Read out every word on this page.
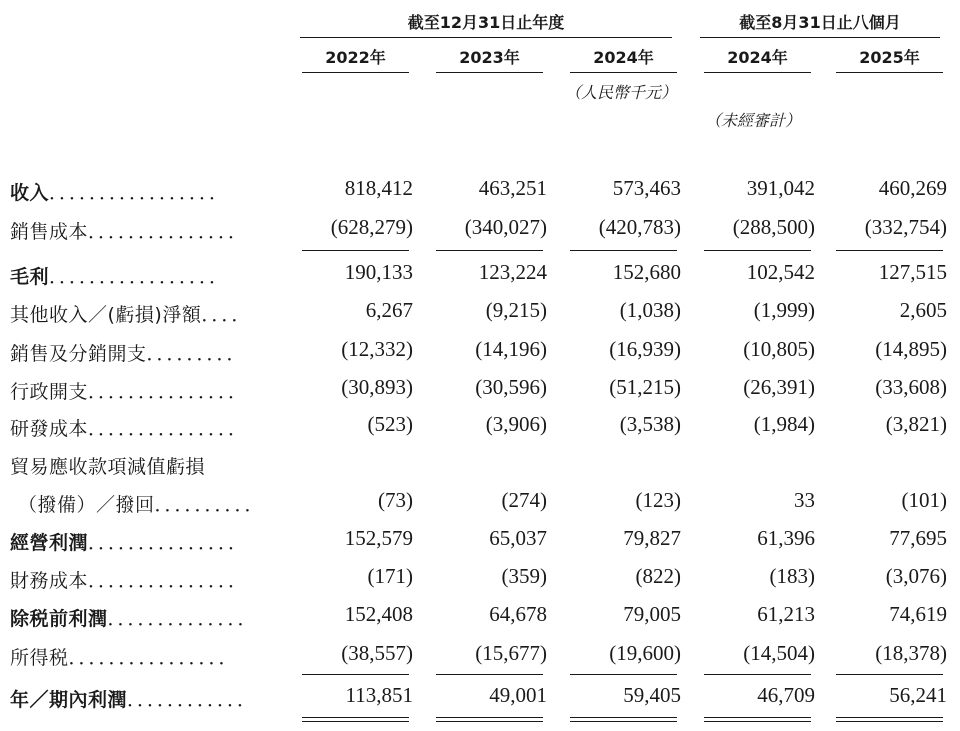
截至12月31日止年度	截至8月31日止八個月
2022年	2023年	2024年	2024年	2025年
（人民幣千元）
（未經審計）
收入．．．．．．．．．．．．．．．．．	818,412	463,251	573,463	391,042	460,269
銷售成本．．．．．．．．．．．．．．．	(628,279)	(340,027)	(420,783)	(288,500)	(332,754)
毛利．．．．．．．．．．．．．．．．．	190,133	123,224	152,680	102,542	127,515
其他收入／(虧損)淨額．．．．	6,267	(9,215)	(1,038)	(1,999)	2,605
銷售及分銷開支．．．．．．．．．	(12,332)	(14,196)	(16,939)	(10,805)	(14,895)
行政開支．．．．．．．．．．．．．．．	(30,893)	(30,596)	(51,215)	(26,391)	(33,608)
研發成本．．．．．．．．．．．．．．．	(523)	(3,906)	(3,538)	(1,984)	(3,821)
貿易應收款項減值虧損
（撥備）／撥回．．．．．．．．．．	(73)	(274)	(123)	33	(101)
經營利潤．．．．．．．．．．．．．．．	152,579	65,037	79,827	61,396	77,695
財務成本．．．．．．．．．．．．．．．	(171)	(359)	(822)	(183)	(3,076)
除税前利潤．．．．．．．．．．．．．．	152,408	64,678	79,005	61,213	74,619
所得税．．．．．．．．．．．．．．．．	(38,557)	(15,677)	(19,600)	(14,504)	(18,378)
年／期內利潤．．．．．．．．．．．．	113,851	49,001	59,405	46,709	56,241
